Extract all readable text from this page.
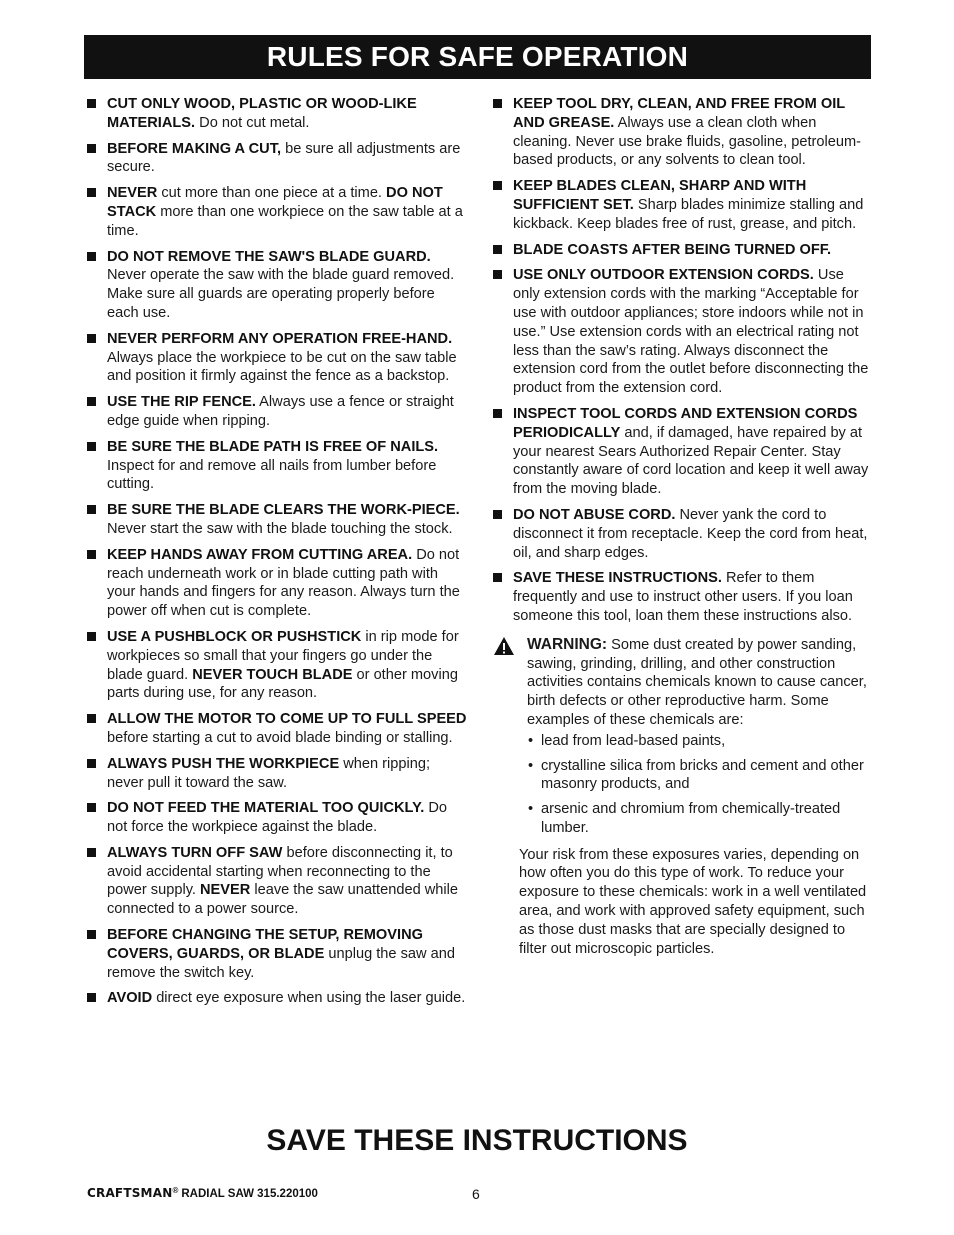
RULES FOR SAFE OPERATION
CUT ONLY WOOD, PLASTIC OR WOOD-LIKE MATERIALS. Do not cut metal.
BEFORE MAKING A CUT, be sure all adjustments are secure.
NEVER cut more than one piece at a time. DO NOT STACK more than one workpiece on the saw table at a time.
DO NOT REMOVE THE SAW'S BLADE GUARD. Never operate the saw with the blade guard removed. Make sure all guards are operating properly before each use.
NEVER PERFORM ANY OPERATION FREE-HAND. Always place the workpiece to be cut on the saw table and position it firmly against the fence as a backstop.
USE THE RIP FENCE. Always use a fence or straight edge guide when ripping.
BE SURE THE BLADE PATH IS FREE OF NAILS. Inspect for and remove all nails from lumber before cutting.
BE SURE THE BLADE CLEARS THE WORK-PIECE. Never start the saw with the blade touching the stock.
KEEP HANDS AWAY FROM CUTTING AREA. Do not reach underneath work or in blade cutting path with your hands and fingers for any reason. Always turn the power off when cut is complete.
USE A PUSHBLOCK OR PUSHSTICK in rip mode for workpieces so small that your fingers go under the blade guard. NEVER TOUCH BLADE or other moving parts during use, for any reason.
ALLOW THE MOTOR TO COME UP TO FULL SPEED before starting a cut to avoid blade binding or stalling.
ALWAYS PUSH THE WORKPIECE when ripping; never pull it toward the saw.
DO NOT FEED THE MATERIAL TOO QUICKLY. Do not force the workpiece against the blade.
ALWAYS TURN OFF SAW before disconnecting it, to avoid accidental starting when reconnecting to the power supply. NEVER leave the saw unattended while connected to a power source.
BEFORE CHANGING THE SETUP, REMOVING COVERS, GUARDS, OR BLADE unplug the saw and remove the switch key.
AVOID direct eye exposure when using the laser guide.
KEEP TOOL DRY, CLEAN, AND FREE FROM OIL AND GREASE. Always use a clean cloth when cleaning. Never use brake fluids, gasoline, petroleum-based products, or any solvents to clean tool.
KEEP BLADES CLEAN, SHARP AND WITH SUFFICIENT SET. Sharp blades minimize stalling and kickback. Keep blades free of rust, grease, and pitch.
BLADE COASTS AFTER BEING TURNED OFF.
USE ONLY OUTDOOR EXTENSION CORDS. Use only extension cords with the marking “Acceptable for use with outdoor appliances; store indoors while not in use.” Use extension cords with an electrical rating not less than the saw’s rating. Always disconnect the extension cord from the outlet before disconnecting the product from the extension cord.
INSPECT TOOL CORDS AND EXTENSION CORDS PERIODICALLY and, if damaged, have repaired by at your nearest Sears Authorized Repair Center. Stay constantly aware of cord location and keep it well away from the moving blade.
DO NOT ABUSE CORD. Never yank the cord to disconnect it from receptacle. Keep the cord from heat, oil, and sharp edges.
SAVE THESE INSTRUCTIONS. Refer to them frequently and use to instruct other users. If you loan someone this tool, loan them these instructions also.
WARNING: Some dust created by power sanding, sawing, grinding, drilling, and other construction activities contains chemicals known to cause cancer, birth defects or other reproductive harm. Some examples of these chemicals are:
• lead from lead-based paints,
• crystalline silica from bricks and cement and other masonry products, and
• arsenic and chromium from chemically-treated lumber.
Your risk from these exposures varies, depending on how often you do this type of work. To reduce your exposure to these chemicals: work in a well ventilated area, and work with approved safety equipment, such as those dust masks that are specially designed to filter out microscopic particles.
SAVE THESE INSTRUCTIONS
CRAFTSMAN® RADIAL SAW 315.220100	6
